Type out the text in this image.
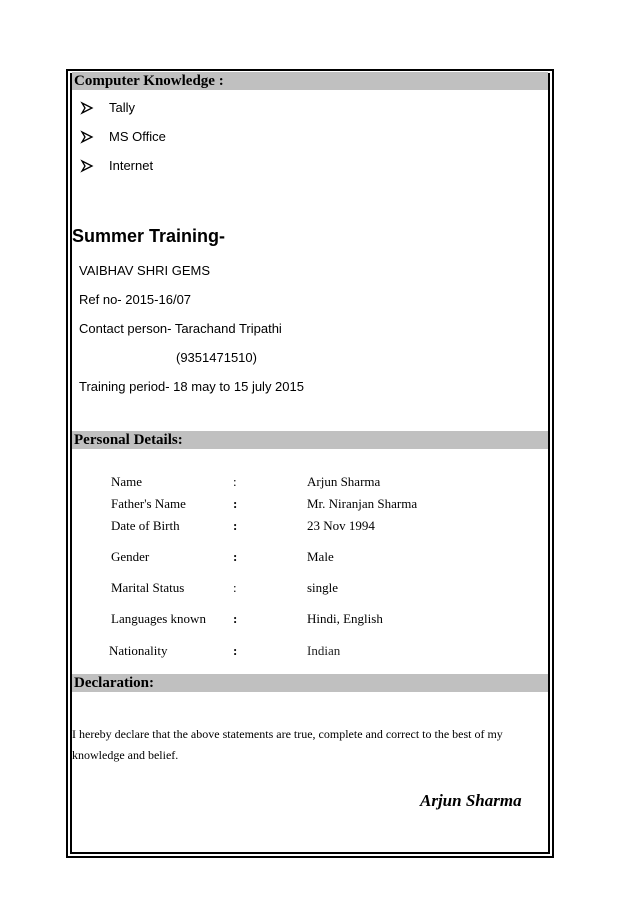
Computer Knowledge :
Tally
MS Office
Internet
Summer Training-
VAIBHAV SHRI GEMS
Ref no- 2015-16/07
Contact person- Tarachand Tripathi
(9351471510)
Training period- 18 may to 15 july 2015
Personal Details:
Name	:	Arjun Sharma
Father's Name	:	Mr. Niranjan Sharma
Date of Birth	:	23 Nov 1994
Gender	:	Male
Marital Status	:	single
Languages known :	Hindi, English
Nationality	:	Indian
Declaration:
I hereby declare that the above statements are true, complete and correct to the best of my knowledge and belief.
Arjun Sharma
